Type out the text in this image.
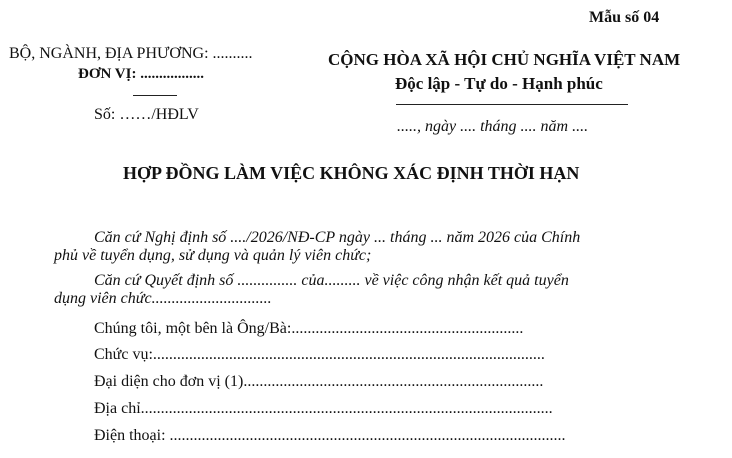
Mẫu số 04
BỘ, NGÀNH, ĐỊA PHƯƠNG: ..........
ĐƠN VỊ: .................
Số: ……/HĐLV
CỘNG HÒA XÃ HỘI CHỦ NGHĨA VIỆT NAM
Độc lập - Tự do - Hạnh phúc
....., ngày .... tháng .... năm ....
HỢP ĐỒNG LÀM VIỆC KHÔNG XÁC ĐỊNH THỜI HẠN
Căn cứ Nghị định số ..../2026/NĐ-CP ngày ... tháng ... năm 2026 của Chính
phủ về tuyển dụng, sử dụng và quản lý viên chức;
Căn cứ Quyết định số ............... của......... về việc công nhận kết quả tuyển
dụng viên chức..............................
Chúng tôi, một bên là Ông/Bà:..........................................................
Chức vụ:..................................................................................................
Đại diện cho đơn vị (1)...........................................................................
Địa chỉ.......................................................................................................
Điện thoại: ...................................................................................................
